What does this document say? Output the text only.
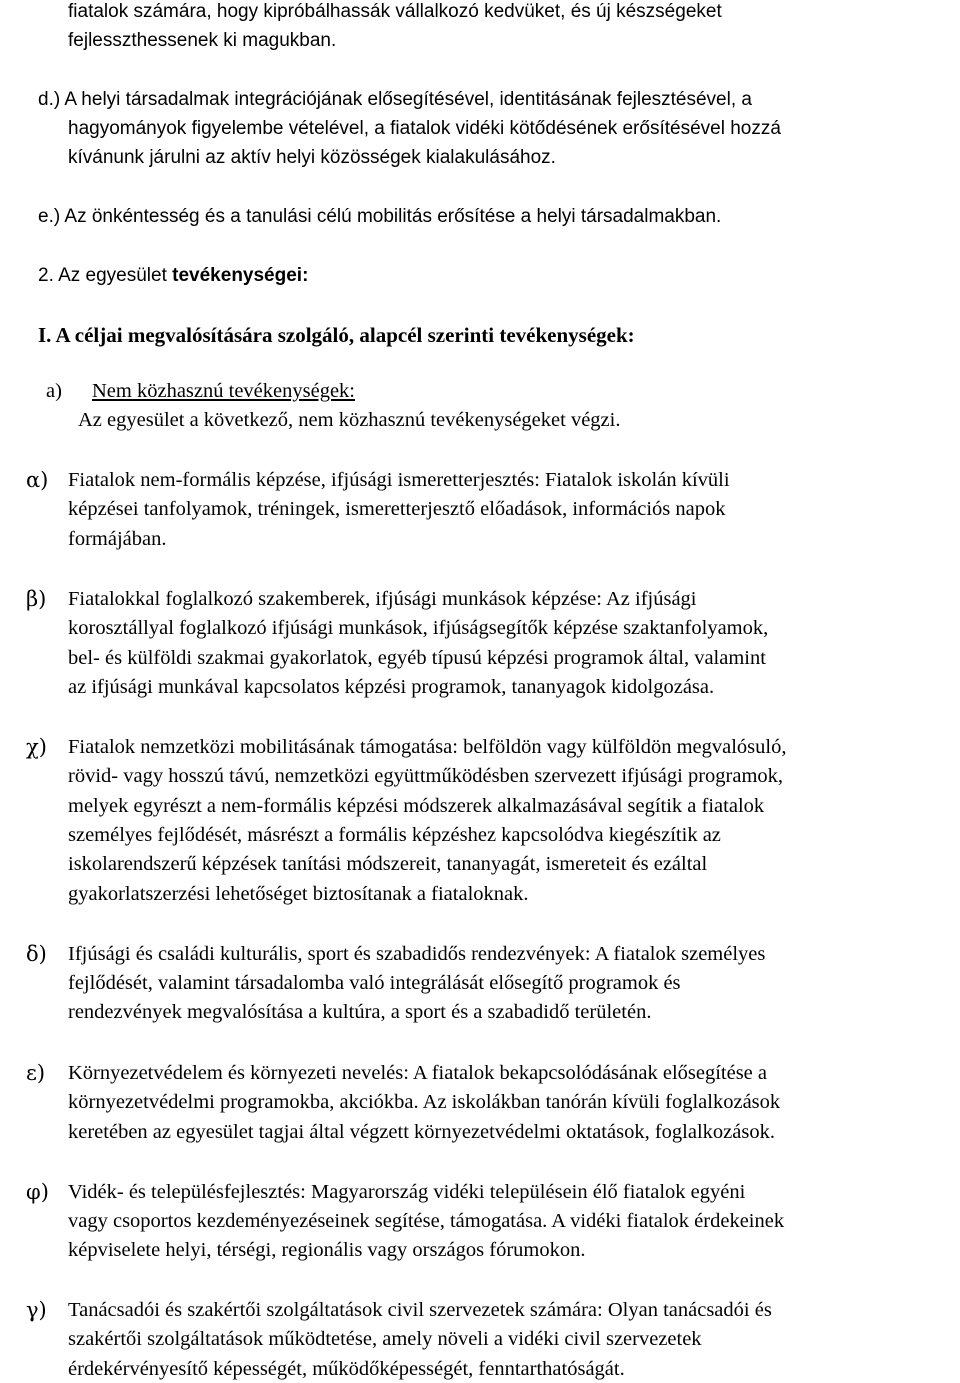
fiatalok számára, hogy kipróbálhassák vállalkozó kedvüket, és új készségeket
fejlesszthessenek ki magukban.
d.) A helyi társadalmak integrációjának elősegítésével, identitásának fejlesztésével, a
hagyományok figyelembe vételével, a fiatalok vidéki kötődésének erősítésével hozzá
kívánunk járulni az aktív helyi közösségek kialakulásához.
e.) Az önkéntesség és a tanulási célú mobilitás erősítése a helyi társadalmakban.
2. Az egyesület tevékenységei:
I. A céljai megvalósítására szolgáló, alapcél szerinti tevékenységek:
a) Nem közhasznú tevékenységek:
Az egyesület a következő, nem közhasznú tevékenységeket végzi.
α) Fiatalok nem-formális képzése, ifjúsági ismeretterjesztés: Fiatalok iskolán kívüli
képzései tanfolyamok, tréningek, ismeretterjesztő előadások, információs napok
formájában.
β) Fiatalokkal foglalkozó szakemberek, ifjúsági munkások képzése: Az ifjúsági
korosztállyal foglalkozó ifjúsági munkások, ifjúságsegítők képzése szaktanfolyamok,
bel- és külföldi szakmai gyakorlatok, egyéb típusú képzési programok által, valamint
az ifjúsági munkával kapcsolatos képzési programok, tananyagok kidolgozása.
χ) Fiatalok nemzetközi mobilitásának támogatása: belföldön vagy külföldön megvalósuló,
rövid- vagy hosszú távú, nemzetközi együttműködésben szervezett ifjúsági programok,
melyek egyrészt a nem-formális képzési módszerek alkalmazásával segítik a fiatalok
személyes fejlődését, másrészt a formális képzéshez kapcsolódva kiegészítik az
iskolarendszerű képzések tanítási módszereit, tananyagát, ismereteit és ezáltal
gyakorlatszerzési lehetőséget biztosítanak a fiataloknak.
δ) Ifjúsági és családi kulturális, sport és szabadidős rendezvények: A fiatalok személyes
fejlődését, valamint társadalomba való integrálását elősegítő programok és
rendezvények megvalósítása a kultúra, a sport és a szabadidő területén.
ε) Környezetvédelem és környezeti nevelés: A fiatalok bekapcsolódásának elősegítése a
környezetvédelmi programokba, akciókba. Az iskolákban tanórán kívüli foglalkozások
keretében az egyesület tagjai által végzett környezetvédelmi oktatások, foglalkozások.
φ) Vidék- és településfejlesztés: Magyarország vidéki településein élő fiatalok egyéni
vagy csoportos kezdeményezéseinek segítése, támogatása. A vidéki fiatalok érdekeinek
képviselete helyi, térségi, regionális vagy országos fórumokon.
γ) Tanácsadói és szakértői szolgáltatások civil szervezetek számára: Olyan tanácsadói és
szakértői szolgáltatások működtetése, amely növeli a vidéki civil szervezetek
érdekérvényesítő képességét, működőképességét, fenntarthatóságát.
